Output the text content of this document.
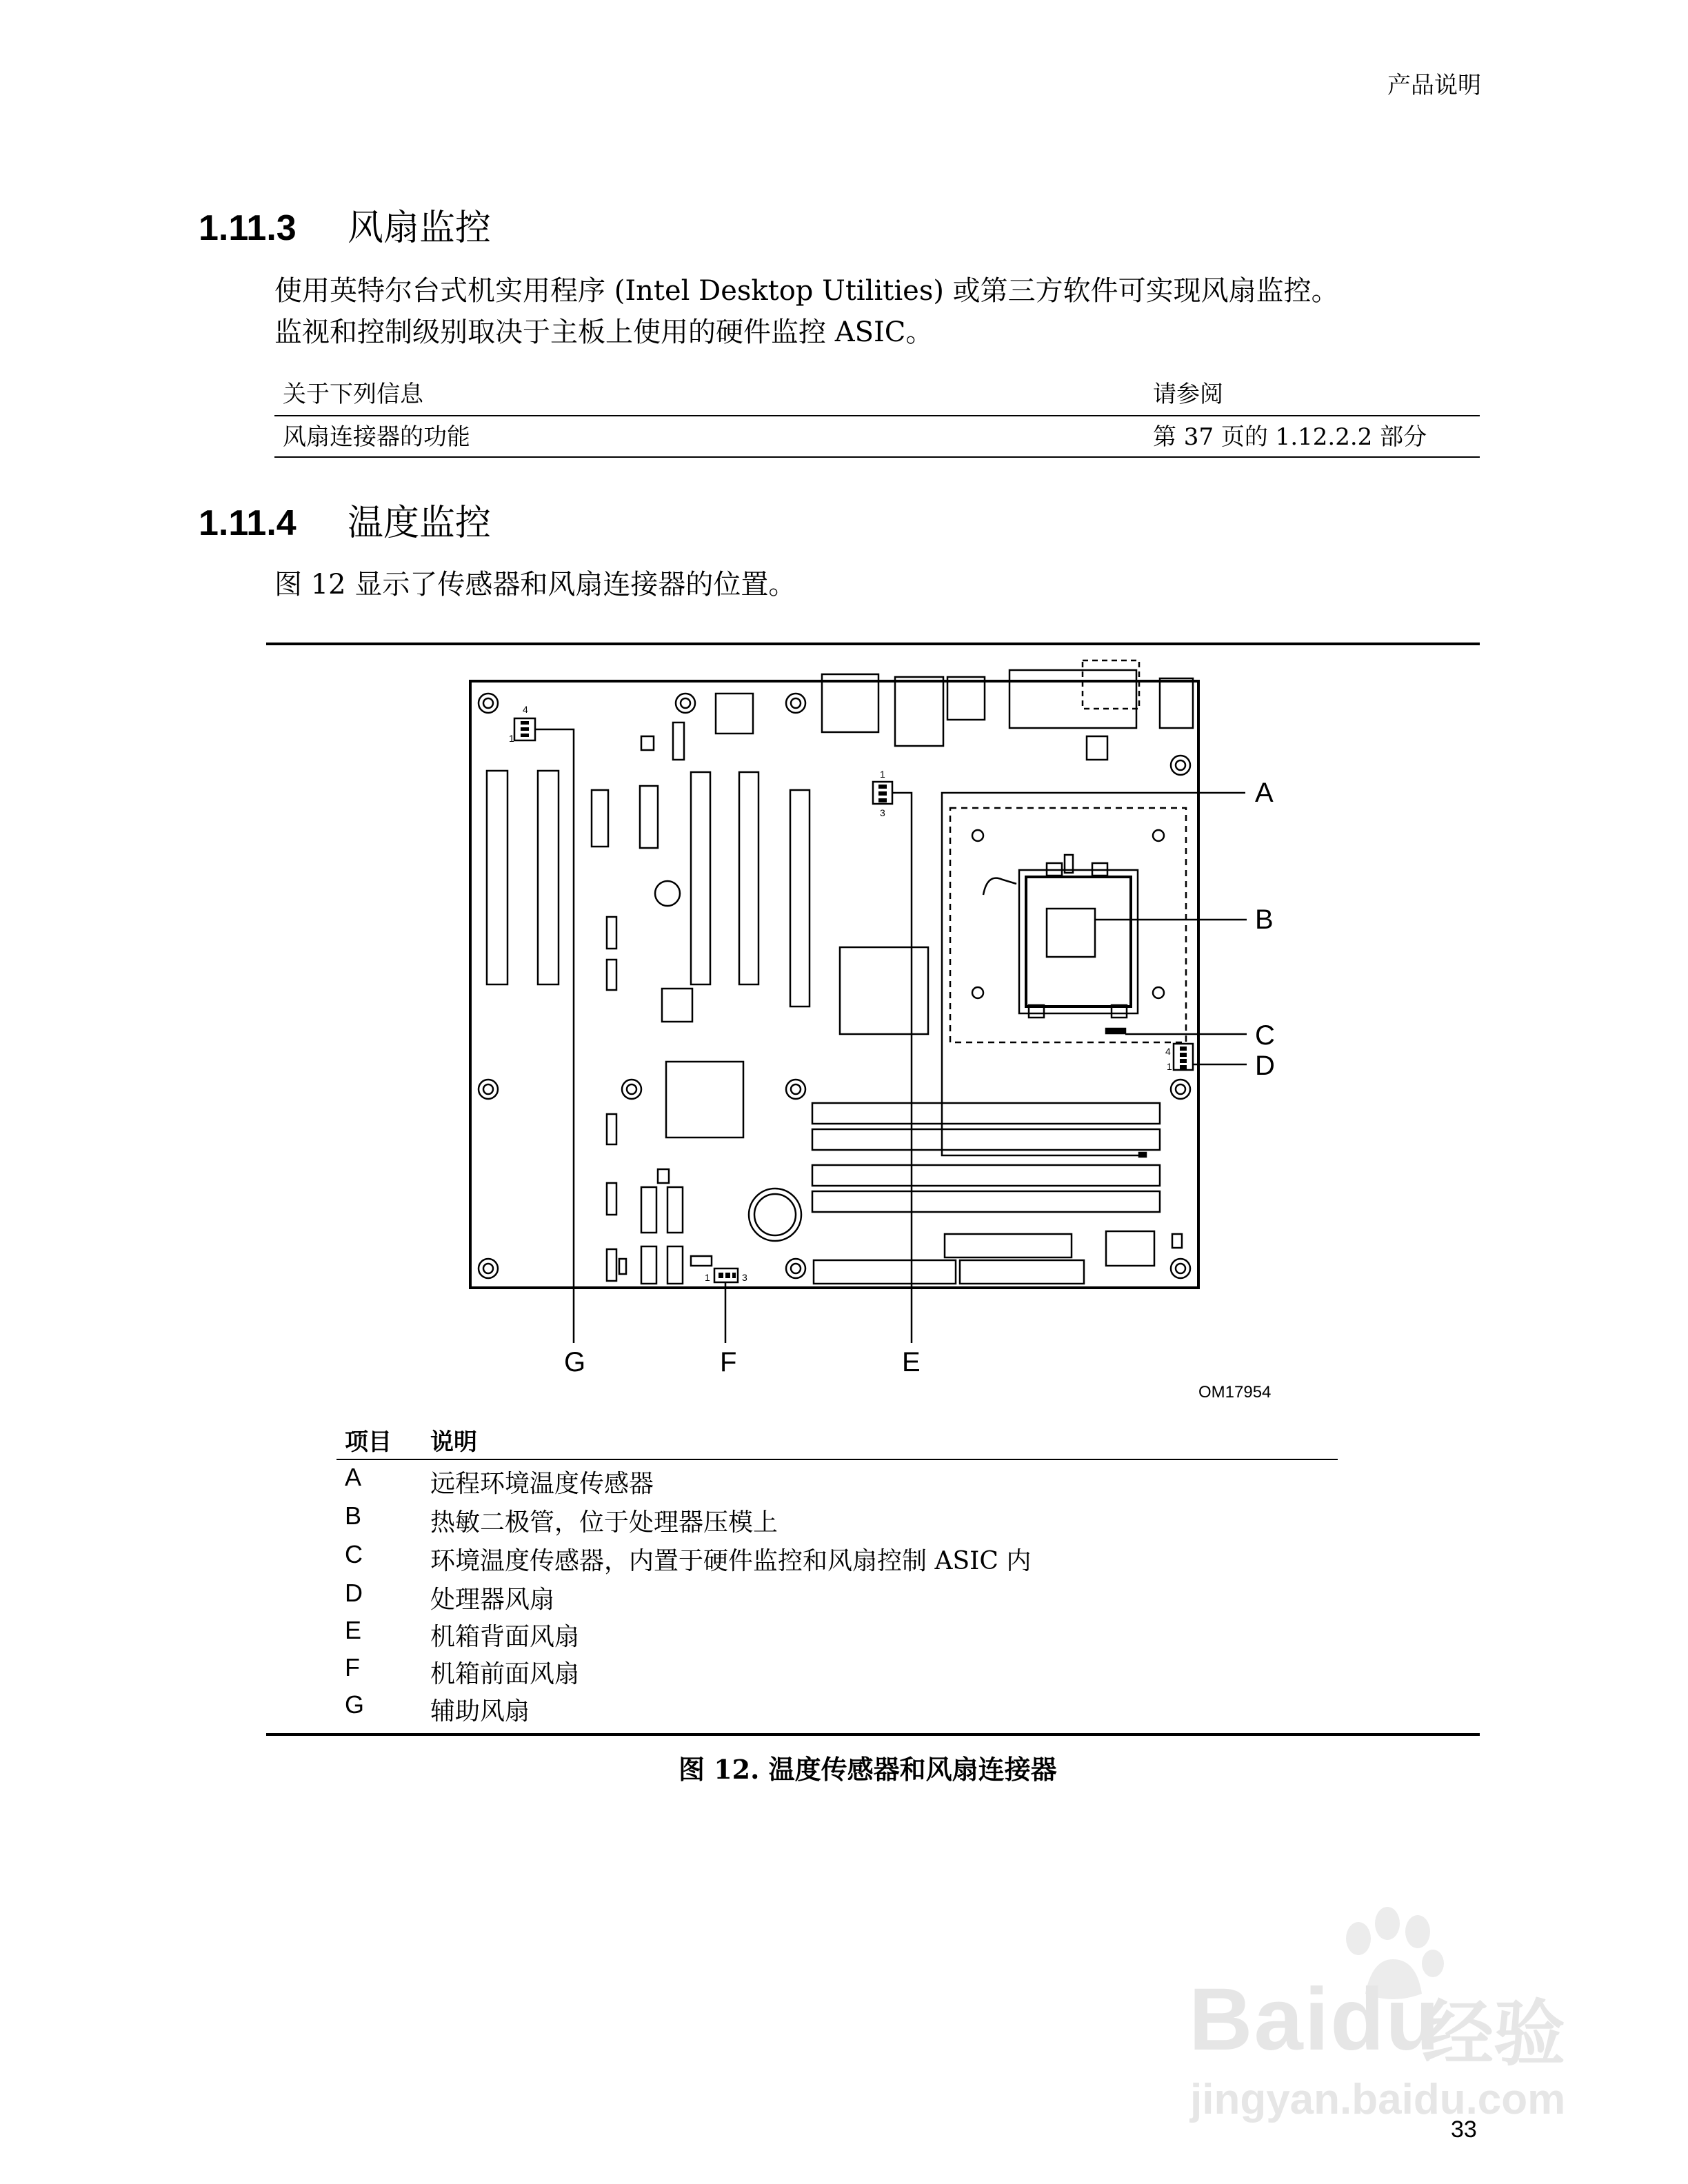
产品说明
1.11.3 风扇监控
使用英特尔台式机实用程序 (Intel Desktop Utilities) 或第三方软件可实现风扇监控。
监视和控制级别取决于主板上使用的硬件监控 ASIC。
关于下列信息	请参阅
风扇连接器的功能	第 37 页的 1.12.2.2 部分
1.11.4 温度监控
图 12 显示了传感器和风扇连接器的位置。
4
1
1
3
4
1
1	3
A
B
C
D
G	F	E
OM17954
项目 说明
A	远程环境温度传感器
B	热敏二极管，位于处理器压模上
C	环境温度传感器，内置于硬件监控和风扇控制 ASIC 内
D	处理器风扇
E	机箱背面风扇
F	机箱前面风扇
G	辅助风扇
图 12. 温度传感器和风扇连接器
Baidu
经验
jingyan.baidu.com
33
